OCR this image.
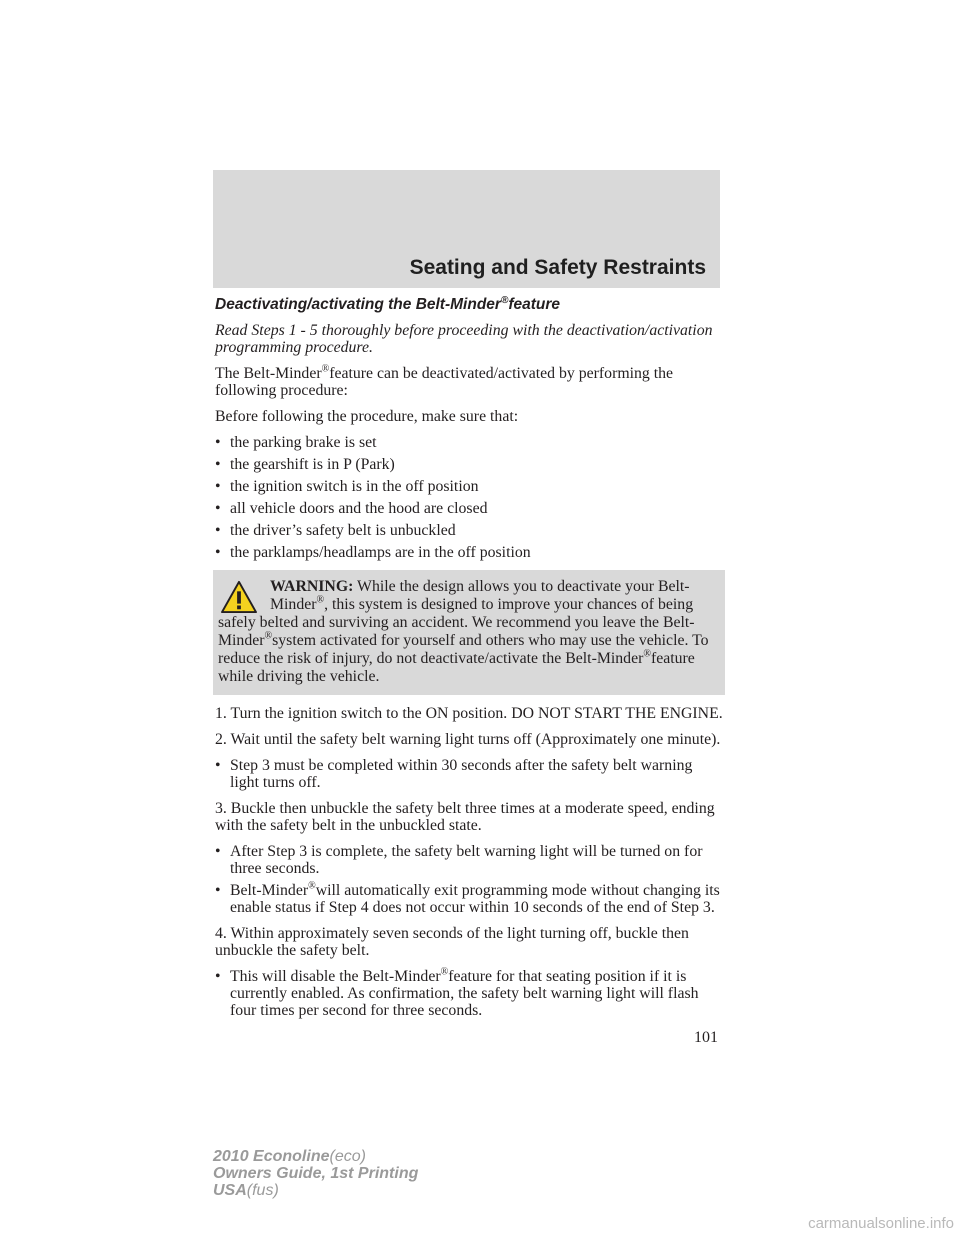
Seating and Safety Restraints

Deactivating/activating the Belt-Minder®feature

Read Steps 1 - 5 thoroughly before proceeding with the deactivation/activation programming procedure.

The Belt-Minder®feature can be deactivated/activated by performing the following procedure:

Before following the procedure, make sure that:

• the parking brake is set
• the gearshift is in P (Park)
• the ignition switch is in the off position
• all vehicle doors and the hood are closed
• the driver’s safety belt is unbuckled
• the parklamps/headlamps are in the off position
WARNING: While the design allows you to deactivate your Belt-Minder®, this system is designed to improve your chances of being safely belted and surviving an accident. We recommend you leave the Belt-Minder®system activated for yourself and others who may use the vehicle. To reduce the risk of injury, do not deactivate/activate the Belt-Minder®feature while driving the vehicle.

1. Turn the ignition switch to the ON position. DO NOT START THE ENGINE.

2. Wait until the safety belt warning light turns off (Approximately one minute).

• Step 3 must be completed within 30 seconds after the safety belt warning light turns off.

3. Buckle then unbuckle the safety belt three times at a moderate speed, ending with the safety belt in the unbuckled state.

• After Step 3 is complete, the safety belt warning light will be turned on for three seconds.
• Belt-Minder®will automatically exit programming mode without changing its enable status if Step 4 does not occur within 10 seconds of the end of Step 3.

4. Within approximately seven seconds of the light turning off, buckle then unbuckle the safety belt.

• This will disable the Belt-Minder®feature for that seating position if it is currently enabled. As confirmation, the safety belt warning light will flash four times per second for three seconds.
101
2010 Econoline(eco)
Owners Guide, 1st Printing
USA(fus)
carmanualsonline.info
